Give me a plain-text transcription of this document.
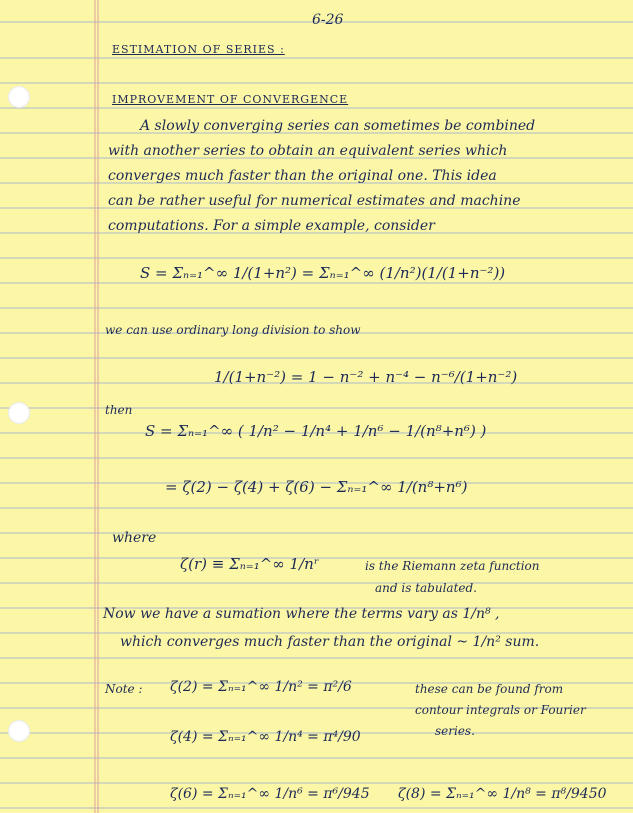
6-26
ESTIMATION OF SERIES :
IMPROVEMENT OF CONVERGENCE
A slowly converging series can sometimes be combined
with another series to obtain an equivalent series which
converges much faster than the original one. This idea
can be rather useful for numerical estimates and machine
computations. For a simple example, consider
S = Σₙ₌₁^∞ 1/(1+n²) = Σₙ₌₁^∞ (1/n²)(1/(1+n⁻²))
we can use ordinary long division to show
1/(1+n⁻²) = 1 − n⁻² + n⁻⁴ − n⁻⁶/(1+n⁻²)
then
S = Σₙ₌₁^∞ ( 1/n² − 1/n⁴ + 1/n⁶ − 1/(n⁸+n⁶) )
= ζ(2) − ζ(4) + ζ(6) − Σₙ₌₁^∞ 1/(n⁸+n⁶)
where
ζ(r) ≡ Σₙ₌₁^∞ 1/nʳ	is the Riemann zeta function
and is tabulated.
Now we have a sumation where the terms vary as 1/n⁸ ,
which converges much faster than the original ~ 1/n² sum.
Note : ζ(2) = Σₙ₌₁^∞ 1/n² = π²/6
ζ(4) = Σₙ₌₁^∞ 1/n⁴ = π⁴/90
ζ(6) = Σₙ₌₁^∞ 1/n⁶ = π⁶/945 ζ(8) = Σₙ₌₁^∞ 1/n⁸ = π⁸/9450
these can be found from
contour integrals or Fourier
series.
